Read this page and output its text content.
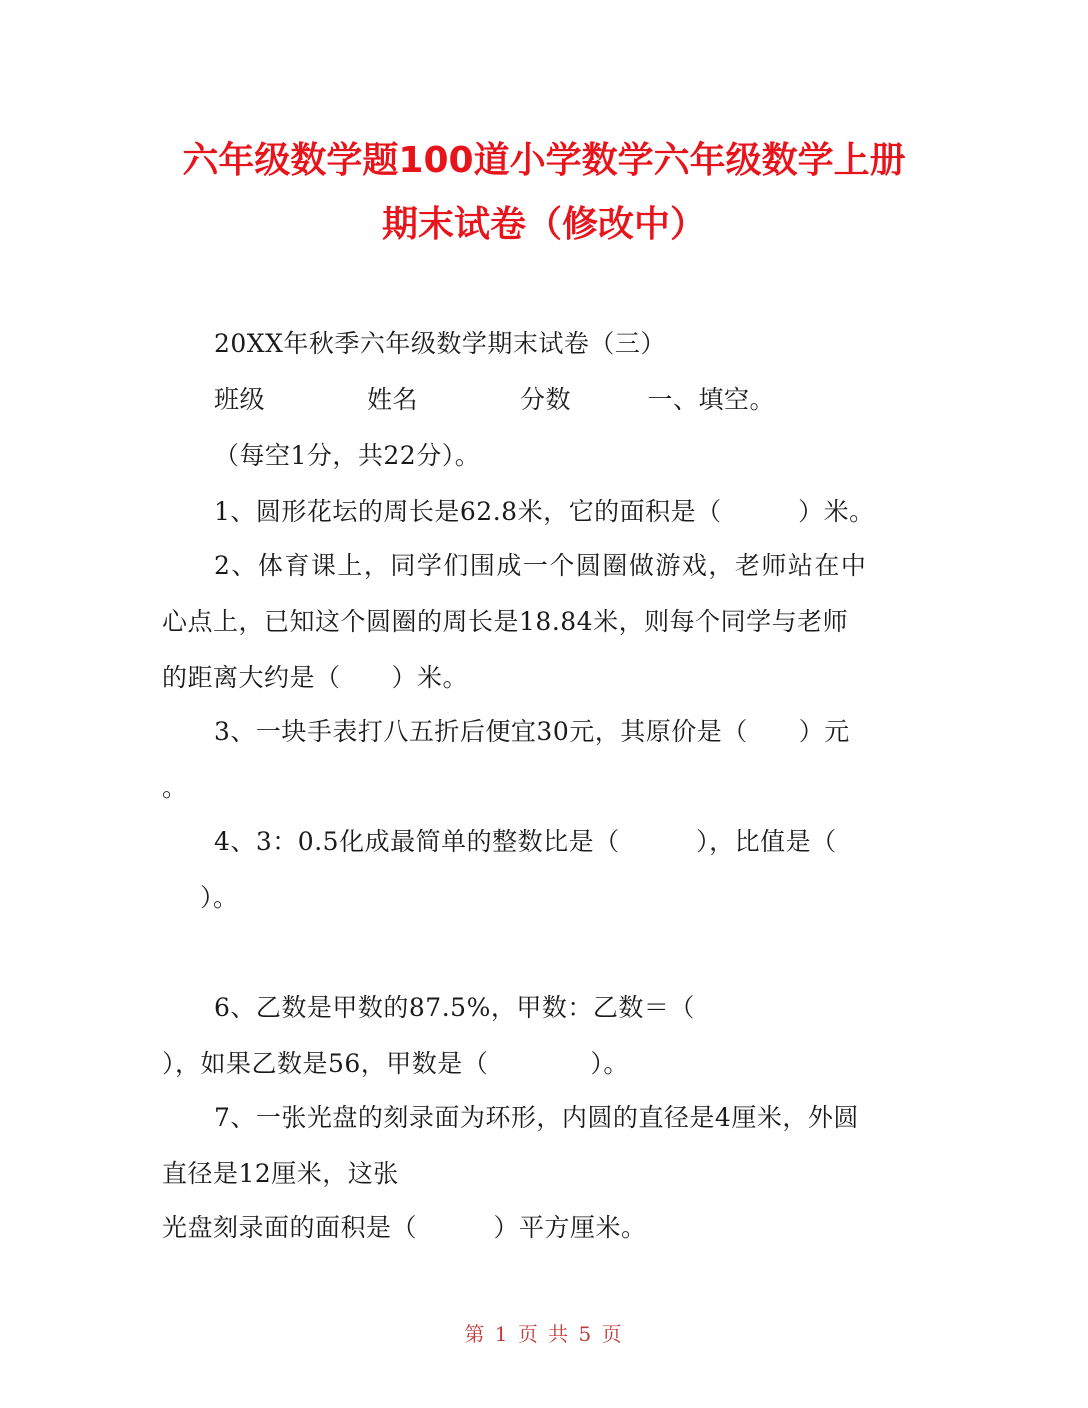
六年级数学题100道小学数学六年级数学上册
期末试卷（修改中）
20XX年秋季六年级数学期末试卷（三）
班级　　　　姓名　　　　分数　　　一、填空。
（每空1分，共22分）。
1、圆形花坛的周长是62.8米，它的面积是（　　　）米。
2、体育课上，同学们围成一个圆圈做游戏，老师站在中
心点上，已知这个圆圈的周长是18.84米，则每个同学与老师
的距离大约是（　　）米。
3、一块手表打八五折后便宜30元，其原价是（　　）元
。
4、3：0.5化成最简单的整数比是（　　　），比值是（
）。
6、乙数是甲数的87.5%，甲数：乙数＝（
），如果乙数是56，甲数是（　　　　）。
7、一张光盘的刻录面为环形，内圆的直径是4厘米，外圆
直径是12厘米，这张
光盘刻录面的面积是（　　　）平方厘米。
第 1 页 共 5 页
